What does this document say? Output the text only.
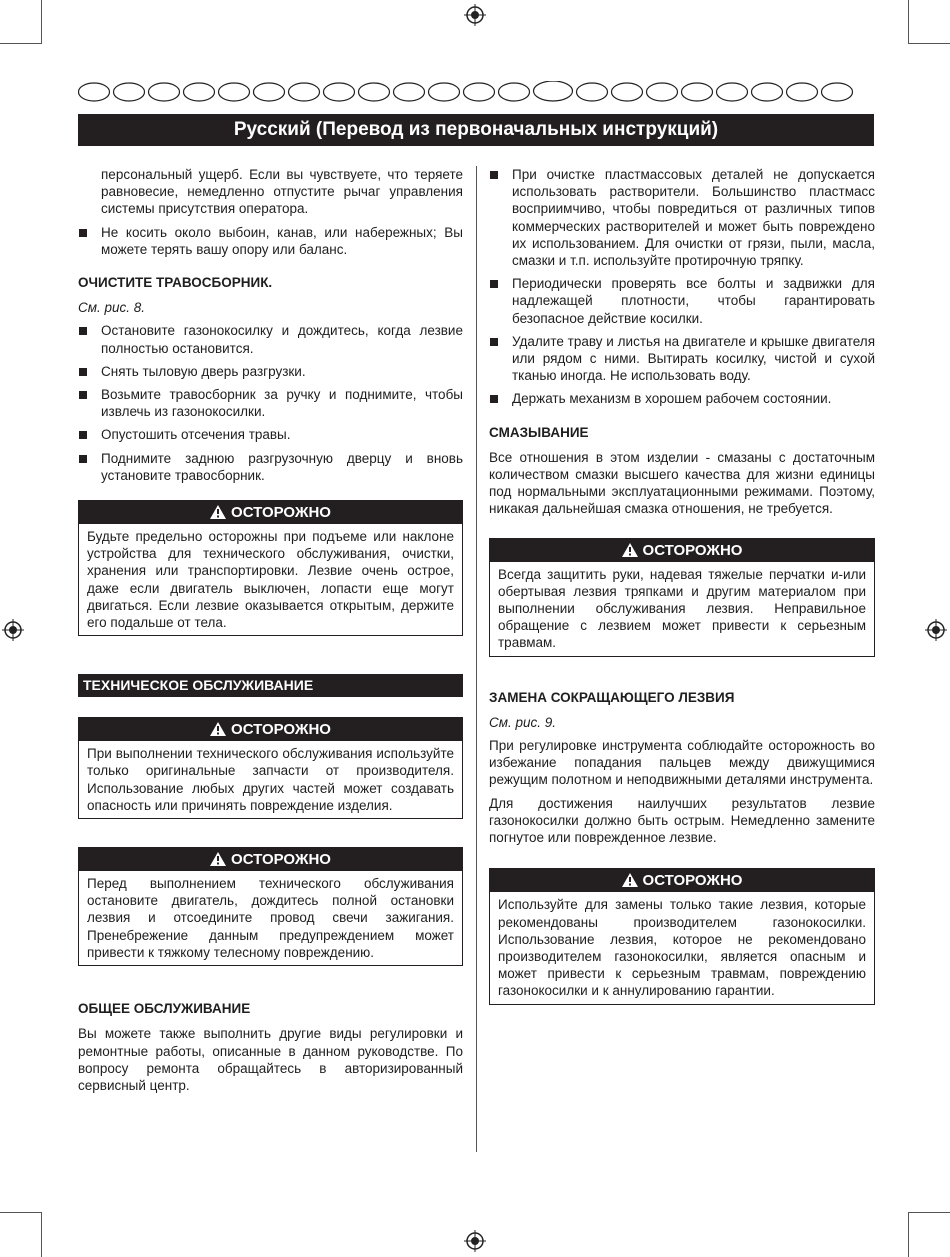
Русский (Перевод из первоначальных инструкций)

персональный ущерб. Если вы чувствуете, что теряете равновесие, немедленно отпустите рычаг управления системы присутствия оператора.

Не косить около выбоин, канав, или набережных; Вы можете терять вашу опору или баланс.
ОЧИСТИТЕ ТРАВОСБОРНИК.
См. рис. 8.
Остановите газонокосилку и дождитесь, когда лезвие полностью остановится.
Снять тыловую дверь разгрузки.
Возьмите травосборник за ручку и поднимите, чтобы извлечь из газонокосилки.
Опустошить отсечения травы.
Поднимите заднюю разгрузочную дверцу и вновь установите травосборник.
ОСТОРОЖНО
Будьте предельно осторожны при подъеме или наклоне устройства для технического обслуживания, очистки, хранения или транспортировки. Лезвие очень острое, даже если двигатель выключен, лопасти еще могут двигаться. Если лезвие оказывается открытым, держите его подальше от тела.
ТЕХНИЧЕСКОЕ ОБСЛУЖИВАНИЕ
ОСТОРОЖНО
При выполнении технического обслуживания используйте только оригинальные запчасти от производителя. Использование любых других частей может создавать опасность или причинять повреждение изделия.
ОСТОРОЖНО
Перед выполнением технического обслуживания остановите двигатель, дождитесь полной остановки лезвия и отсоедините провод свечи зажигания. Пренебрежение данным предупреждением может привести к тяжкому телесному повреждению.
ОБЩЕЕ ОБСЛУЖИВАНИЕ

Вы можете также выполнить другие виды регулировки и ремонтные работы, описанные в данном руководстве. По вопросу ремонта обращайтесь в авторизированный сервисный центр.

При очистке пластмассовых деталей не допускается использовать растворители. Большинство пластмасс восприимчиво, чтобы повредиться от различных типов коммерческих растворителей и может быть повреждено их использованием. Для очистки от грязи, пыли, масла, смазки и т.п. используйте протирочную тряпку.
Периодически проверять все болты и задвижки для надлежащей плотности, чтобы гарантировать безопасное действие косилки.
Удалите траву и листья на двигателе и крышке двигателя или рядом с ними. Вытирать косилку, чистой и сухой тканью иногда. Не использовать воду.
Держать механизм в хорошем рабочем состоянии.
СМАЗЫВАНИЕ

Все отношения в этом изделии - смазаны с достаточным количеством смазки высшего качества для жизни единицы под нормальными эксплуатационными режимами. Поэтому, никакая дальнейшая смазка отношения, не требуется.

ОСТОРОЖНО
Всегда защитить руки, надевая тяжелые перчатки и-или обертывая лезвия тряпками и другим материалом при выполнении обслуживания лезвия. Неправильное обращение с лезвием может привести к серьезным травмам.
ЗАМЕНА СОКРАЩАЮЩЕГО ЛЕЗВИЯ
См. рис. 9.

При регулировке инструмента соблюдайте осторожность во избежание попадания пальцев между движущимися режущим полотном и неподвижными деталями инструмента.

Для достижения наилучших результатов лезвие газонокосилки должно быть острым. Немедленно замените погнутое или поврежденное лезвие.

ОСТОРОЖНО
Используйте для замены только такие лезвия, которые рекомендованы производителем газонокосилки. Использование лезвия, которое не рекомендовано производителем газонокосилки, является опасным и может привести к серьезным травмам, повреждению газонокосилки и к аннулированию гарантии.
